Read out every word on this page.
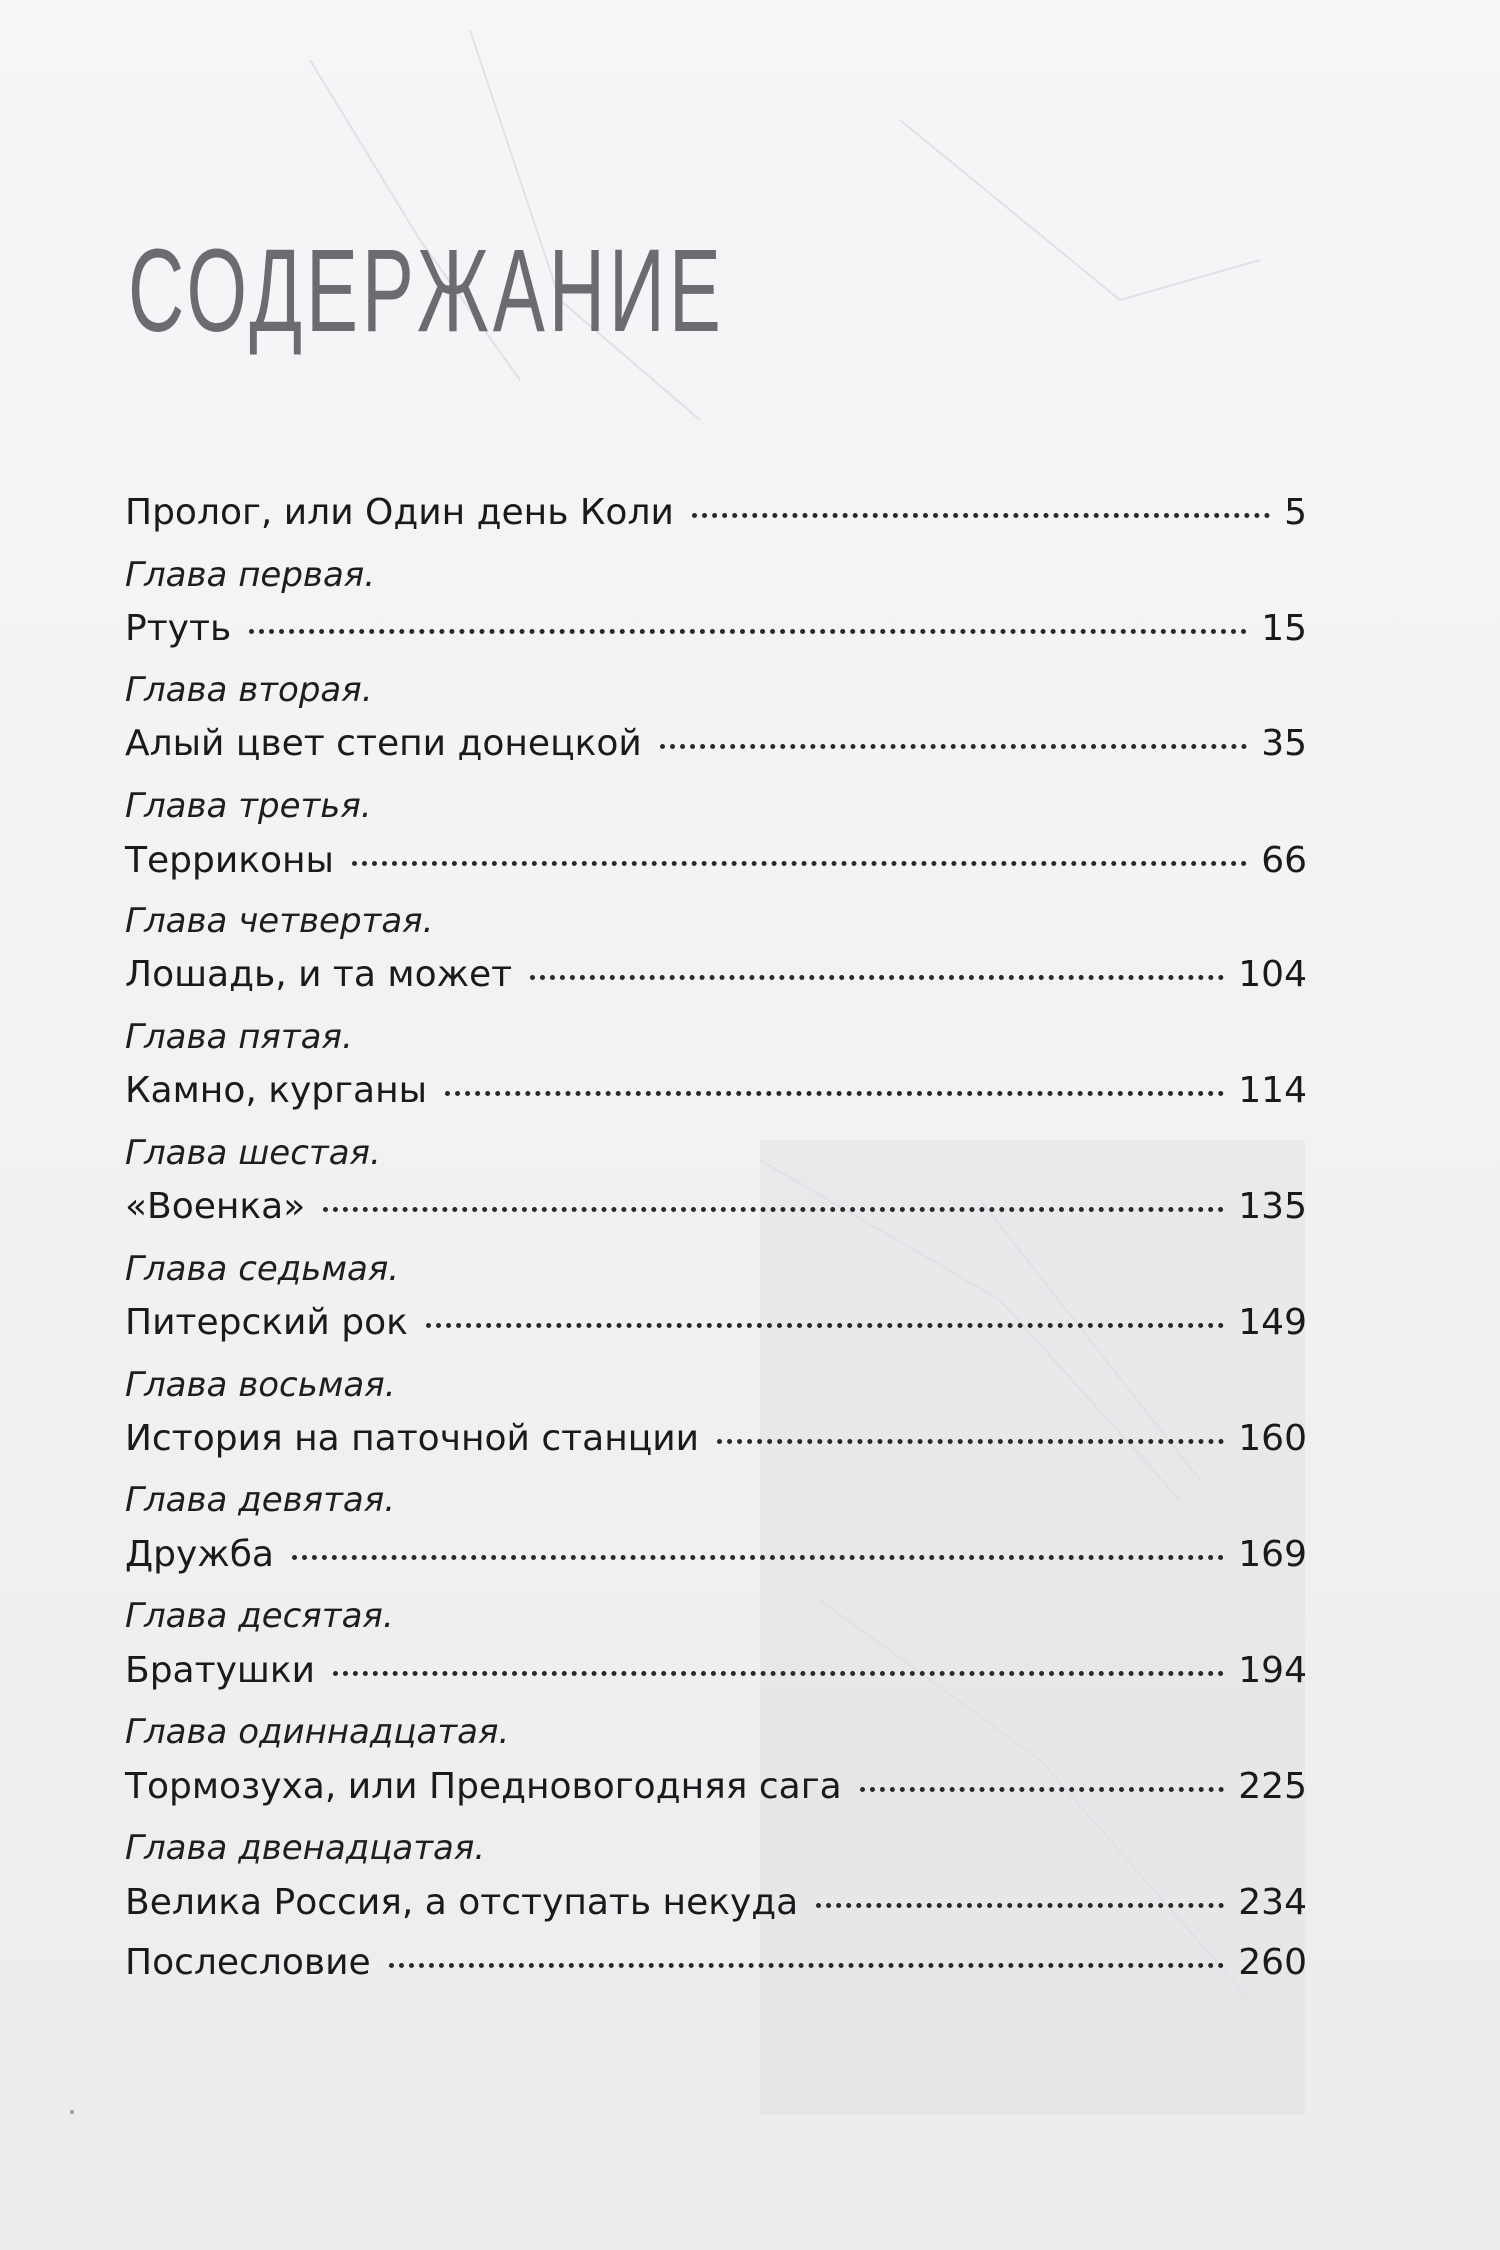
СОДЕРЖАНИЕ
Пролог, или Один день Коли	5
Глава первая.
Ртуть	15
Глава вторая.
Алый цвет степи донецкой	35
Глава третья.
Терриконы	66
Глава четвертая.
Лошадь, и та может	104
Глава пятая.
Камно, курганы	114
Глава шестая.
«Военка»	135
Глава седьмая.
Питерский рок	149
Глава восьмая.
История на паточной станции	160
Глава девятая.
Дружба	169
Глава десятая.
Братушки	194
Глава одиннадцатая.
Тормозуха, или Предновогодняя сага	225
Глава двенадцатая.
Велика Россия, а отступать некуда	234
Послесловие	260
